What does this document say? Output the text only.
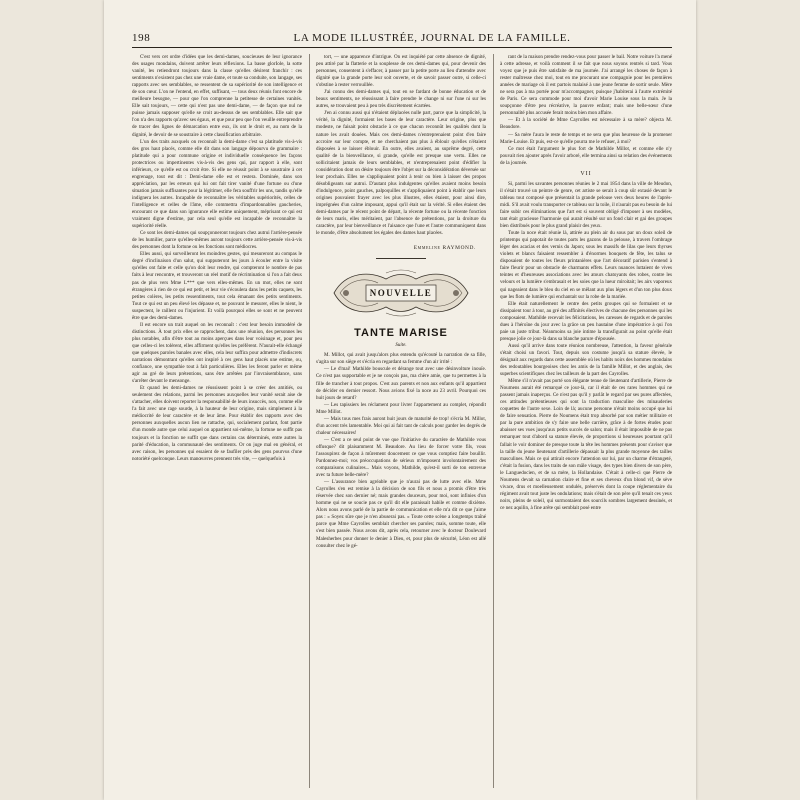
198	LA MODE ILLUSTRÉE, JOURNAL DE LA FAMILLE.

C'est vers cet ordre d'idées que les demi-dames, soucieuses de leur ignorance des usages mondains, doivent arrêter leurs réflexions. La basse glorIole, la sotte vanité, les retiendront toujours dans la classe qu'elles désirent franchir : ces sentiments n'existent pas chez une vraie dame, et toute sa conduite, son langage, ses rapports avec ses semblables, se ressentent de sa supériorité de son intelligence et de son cœur. L'on ne l'entend, en effet, suffisant, — tous deux réunis font encore de meilleure besogne, — pour que l'on comprenne la petitesse de certaines vanités. Elle sait toujours, — cette qui n'est pas une demi-dame, — de façon que nul ne puisse jamais supposer qu'elle se croit au-dessus de ses semblables. Elle sait que l'on n'a des rapports qu'avec ses égaux, et que pour peu que l'on veuille entreprendre de tracer des lignes de démarcation entre eux, ils ont le droit et, au nom de la dignité, le devoir de se soustraire à cette classification arbitraire.

L'un des traits auxquels on reconnaît la demi-dame c'est sa platitude vis-à-vis des gros haut placés, comme elle dit dans son langage dépourvu de grammaire : platitude qui a pour commune origine et individuelle conséquence les façons protectrices ou impertinentes vis-à-vis des gens qui, par rapport à elle, sont inférieurs, ce qu'elle est ou croit être. Si elle ne réussit point à se soustraire à cet engrenage, tout est dit : Demi-dame elle est et restera. Dominée, dans son appréciation, par les erreurs qui lui ont fait tirer vanité d'une fortune ou d'une situation jamais suffisantes pour la légitimer, elle fera souffrir les uns, tandis qu'elle indignera les autres. Incapable de reconnaître les véritables supériorités, celles de l'intelligence et celles de l'âme, elle commettra d'impardonnables gaucheries, encourant ce que dans son ignorance elle estime uniquement, méprisant ce qui est vraiment digne d'estime, par cela seul qu'elle est incapable de reconnaître la supériorité réelle.

Ce sont les demi-dames qui soupçonneront toujours chez autrui l'arrière-pensée de les humilier, parce qu'elles-mêmes auront toujours cette arrière-pensée vis-à-vis des personnes dont la fortune ou les fonctions sont médiocres.

Elles aussi, qui surveilleront les moindres gestes, qui mesureront au compas le degré d'inclinaison d'un salut, qui supputeront les jours à écouler entre la visite qu'elles ont faite et celle qu'on doit leur rendre, qui compteront le nombre de pas faits à leur rencontre, et trouveront un réel motif de récrimination si l'on a fait deux pas de plus vers Mme L*** que vers elles-mêmes. En un mot, elles ne sont étrangères à rien de ce qui est petit, et leur vie s'écoulera dans les petits caquets, les petites colères, les petits ressentiments, tout cela émanant des petits sentiments. Tout ce qui est un peu élevé les dépasse et, ne pouvant le mesurer, elles le nient, le suspectent, le raillent ou l'injurient. Et voilà pourquoi elles se sont et ne peuvent être que des demi-dames.

Il est encore un trait auquel on les reconnaît : c'est leur besoin immodéré de distinctions. À tout prix elles se rapprochent, dans une réunion, des personnes les plus notables, afin d'être tout au moins aperçues dans leur voisinage et, pour peu que celles-ci les tolèrent, elles affirment qu'elles les préfèrent. N'aurait-elle échangé que quelques paroles banales avec elles, cela leur suffira pour admettre d'indiscrets narrations démontrant qu'elles ont inspiré à ces gens haut placés une estime, ou, confiance, une sympathie tout à fait particulières. Elles les feront parler et même agir au gré de leurs prétentions, sans être arrêtées par l'invraisemblance, sans s'arrêter devant le mensonge.

Et quand les demi-dames ne réussissent point à se créer des amitiés, ou seulement des relations, parmi les personnes auxquelles leur vanité serait aise de s'attacher, elles doivent reporter la responsabilité de leurs insuccès, non, comme elle l'a fait avec une rage sourde, à la hauteur de leur origine, mais simplement à la médiocrité de leur caractère et de leur âme. Pour établir des rapports avec des personnes auxquelles aucun lien ne rattache, qui, socialement parlant, font partie d'un monde autre que celui auquel on appartient soi-même, la fortune ne suffit pas toujours et la fonction ne suffit que dans certains cas déterminés, entre autres la parité d'éducation, la communauté des sentiments. Or on juge mal en général, et avec raison, les personnes qui essaient de se faufiler près des gens pourvus d'une notoriété quelconque. Leurs manœuvres prennent très vite, — quelquefois à

tort, — une apparence d'intrigue. On est inquiété par cette absence de dignité, peu attiré par la flatterie et la souplesse de ces demi-dames qui, pour devenir des personnes, consentent à s'effacer, à passer par la petite porte au lieu d'attendre avec dignité que la grande porte leur soit ouverte, et de savoir passer outre, si celle-ci s'obstine à rester verrouillée.

J'ai connu des demi-dames qui, tout en se fardant de bonne éducation et de beaux sentiments, ne réussissant à faire prendre le change ni sur l'une ni sur les autres, se trouvaient peu à peu très discrètement écartées.

J'en ai connu aussi qui n'étaient déplacées nulle part, parce que la simplicité, la vérité, la dignité, formaient les bases de leur caractère. Leur origine, plus que modeste, ne faisait point obstacle à ce que chacun reconnût les qualités dont la nature les avait douées. Mais ces demi-dames n'entreprenaient point d'en faire accroire sur leur compte, et ne cherchaient pas plus à éblouir qu'elles n'étaient disposées à se laisser éblouir. En outre, elles avaient, au suprême degré, cette qualité de la bienveillance, si grande, qu'elle est presque une vertu. Elles ne sollicitaient jamais de leurs semblables, et n'entreprenaient point d'édifier la considération dont on désire toujours être l'objet sur la déconsidération déversée sur leur prochain. Elles ne s'appliquaient point à tenir ou bien à laisser des propos désobligeants sur autrui. D'autant plus indulgentes qu'elles avaient moins besoin d'indulgence, point gauches, palpoquilles et s'appliquaient point à établir que leurs origines pouvaient frayer avec les plus illustres, elles étaient, pour ainsi dire, imprégnées d'un calme imposant, appui qu'il était sur la vérité. Si elles étaient des demi-dames par le récent point de départ, la récente fortune ou la récente fonction de leurs maris, elles méritaient, par l'absence de prétentions, par la droiture du caractère, par leur bienveillance et l'aisance que l'une et l'autre communiquent dans le monde, d'être absolument les égales des dames haut placées.

Emmeline RAYMOND.
NOUVELLE
TANTE MARISE
Suite.

M. Millot, qui avait jusqu'alors plus entendu qu'écouté la narration de sa fille, s'agita sur son siège et s'écria en regardant sa femme d'un air irrité :

— Le d'mai! Mathilde bouscule et dérange tout avec une désinvolture inouïe. Ce n'est pas supportable et je ne conçois pas, ma chère amie, que tu permettes à la fille de trancher à tout propos. C'est aux parents et non aux enfants qu'il appartient de décider en dernier ressort. Nous avions fixé la noce au 23 avril. Pourquoi ces huit jours de retard?

— Les tapissiers les réclament pour livrer l'appartement au complet, répondit Mme Millot.

— Mais tous mes frais auront huit jours de maturité de trop! s'écria M. Millot, d'un accent très lamentable. Moi qui ai fait tant de calculs pour garder les degrés de chaleur nécessaires!

— C'est a ce seul point de vue que l'initiative du caractère de Mathilde vous offusque? dit plaisamment M. Beaudore. Au lieu de forcer votre fils, vous l'assoupirez de façon à mûrement doucement ce que vous comptiez faire bouillir. Pardonnez-moi; vos préoccupations de sérieux m'imposent involontairement des comparaisons culinaires... Mais voyons, Mathilde, qu'est-il sorti de ton entrevue avec ta future belle-mère?

— L'assurance bien agréable que je n'aurai pas de lutte avec elle. Mme Cayrolles s'en est remise à la décision de son fils et nous a promis d'être très réservée chez son dernier né; mais grandes douceurs, pour moi, sont infinies d'un homme qui ne se soucie pas ce qu'il dit elle paraissait habile et comme dixième. Alors nous avons parlé de la partie de communication et elle m'a dit ce que j'aime pas : « Soyez sûre que je n'en abuserai pas. » Toute cette scène a longtemps traîné parce que Mme Cayrolles semblait chercher ses paroles; mais, somme toute, elle s'est bien passée. Nous avons dit, après cela, retourner avec le docteur Doulevard Malesherbes pour donner le denier à Dieu, et, pour plus de sécurité, Léon est allé consulter chez le gé-

rant de la maison prendre rendez-vous pour passer le bail. Notre voiture l'a mené à cette adresse, et voilà comment il se fait que nous soyons rentrés si tard. Vous voyez que je puis être satisfaite de ma journée. J'ai arrangé les choses de façon à rester maîtresse chez moi, tout en me procurant une compagnie pour les premières années de mariage où il est partois malaisé à une jeune femme de sortir seule. Mère ne sera pas à ma portée pour m'accompagner, puisque j'habiterai à l'autre extrémité de Paris. Ce sera commode pour moi d'avoir Marie Louise sous la main. Je la soupçonne d'être peu récréative, la pauvre enfant; mais une belle-sœur d'une personnalité plus accusée ferait moins bien mon affaire.

— Et à la société de Mme Cayrolles est nécessaire à sa mère? objecta M. Beaudore.

— Sa mère l'aura le reste de temps et ne sera que plus heureuse de la promener Marie-Louise. Et puis, est-ce qu'elle pourra me le refuser, à moi?

Ce mot était l'argument le plus fort de Mathilde Millot, et comme elle n'y pouvait rien ajouter après l'avoir arboré, elle termina ainsi sa relation des événements de la journée.

VII

Si, parmi les savantes personnes réunies le 2 mai 1854 dans la ville de Meudon, il s'était trouvé un peintre de genre, cet artiste se serait à coup sûr extasié devant le tableau tout composé que présentait la grande pelouse vers deux heures de l'après-midi. S'il avait voulu transporter ce tableau sur la toile, il n'aurait pas eu besoin de lui faire subir ces éliminations que l'art est si souvent obligé d'imposer à ses modèles, tant était gracieuse l'harmonie qui aurait résulté sur un fond clair et gai des groupes bien distribués pour le plus grand plaisir des yeux.

Toute la noce était réunie là, attirée au plein air du sous par un doux soleil de printemps qui papotait de toutes parts les gazons de la pelouse, à travers l'ombrage léger des acacias et des vernis du Japon; sous les massifs de lilas que leurs thyrses violets et blancs faisaient ressembler à d'énormes bouquets de fête, les talus se disposaient de toutes les fleurs printanières que l'art décoratif parisien s'entend à faire fleurir pour un obstacle de charmants effets. Leurs nuances luttaient de vives teintes et d'heureuses associations avec les atours chatoyants des robes, contre les velours et la lumière s'embrasait et les soies que la lueur miroitait; les airs vaporeux qui nageaient dans le bleu du ciel en se mêlant aux plus légers et d'un ton plus doux que les flots de lumière qui enchantait sur la robe de la mariée.

Elle était naturellement le centre des petits groupes qui se formaient et se dissipaient tour à tour, au gré des affinités électives de chacune des personnes qui les composaient. Mathilde recevait les félicitations, les caresses de regards et de paroles dues à l'héroïne du jour avec la grâce un peu hautaine d'une impératrice à qui l'on paie un juste tribut. Néanmoins sa joie intime la transfigurait au point qu'elle était presque jolie ce jour-là dans sa blanche parure d'épousée.

Aussi qu'il arrive dans toute réunion nombreuse, l'attention, la faveur générale s'était choisi un favori. Tout, depuis son costume jusqu'à sa stature élevée, le désignait aux regards dans cette assemblée où les habits noirs des hommes mondains des redoutables bourgeoises chez les amis de la famille Millot, et des anglais, des superbes scientifiques chez les tailleurs de la part des Cayrolles.

Même s'il n'avait pas porté son élégante tenue de lieutenant d'artillerie, Pierre de Noumens aurait été remarqué ce jour-là, car il était de ces rares hommes qui ne passent jamais inaperçus. Ce n'est pas qu'il y parlât le regard par ses pures affectées, ces attitudes prétentieuses qui sont la traduction masculine des minauderies coquettes de l'autre sexe. Loin de là; aucune personne n'était moins occupé que lui de faire sensation. Pierre de Noumens était trop absorbé par son métier militaire et par la pure ambition de s'y faire une belle carrière, grâce à de fortes études pour abaisser ses vues jusqu'aux petits succès de salon; mais il était impossible de ne pas remarquer tout d'abord sa stature élevée, de proportions si heureuses pourtant qu'il fallait le voir dominer de presque toute la tête les hommes présents pour s'aviser que la taille du jeune lieutenant d'artillerie dépassait la plus grande moyenne des tailles masculines. Mais ce qui attirait encore l'attention sur lui, par un charme d'étrangeté, c'était la fusion, dans les traits de son mâle visage, des types bien divers de son père, le Languedocien, et de sa mère, la Hollandaise. C'était à celle-ci que Pierre de Noumens devait sa carnation claire et fine et ses cheveux d'un blond vif, de sève vivace, drus et moelleusement ondulés, préservés dont la coupe réglementaire du régiment avait tout juste les ondulations; mais s'était de son père qu'il tenait ces yeux noirs, pleins de soleil, qui surmontaient des sourcils sombres largement dessinés, et ce nez aquilin, à fine arête qui semblait posé entre
